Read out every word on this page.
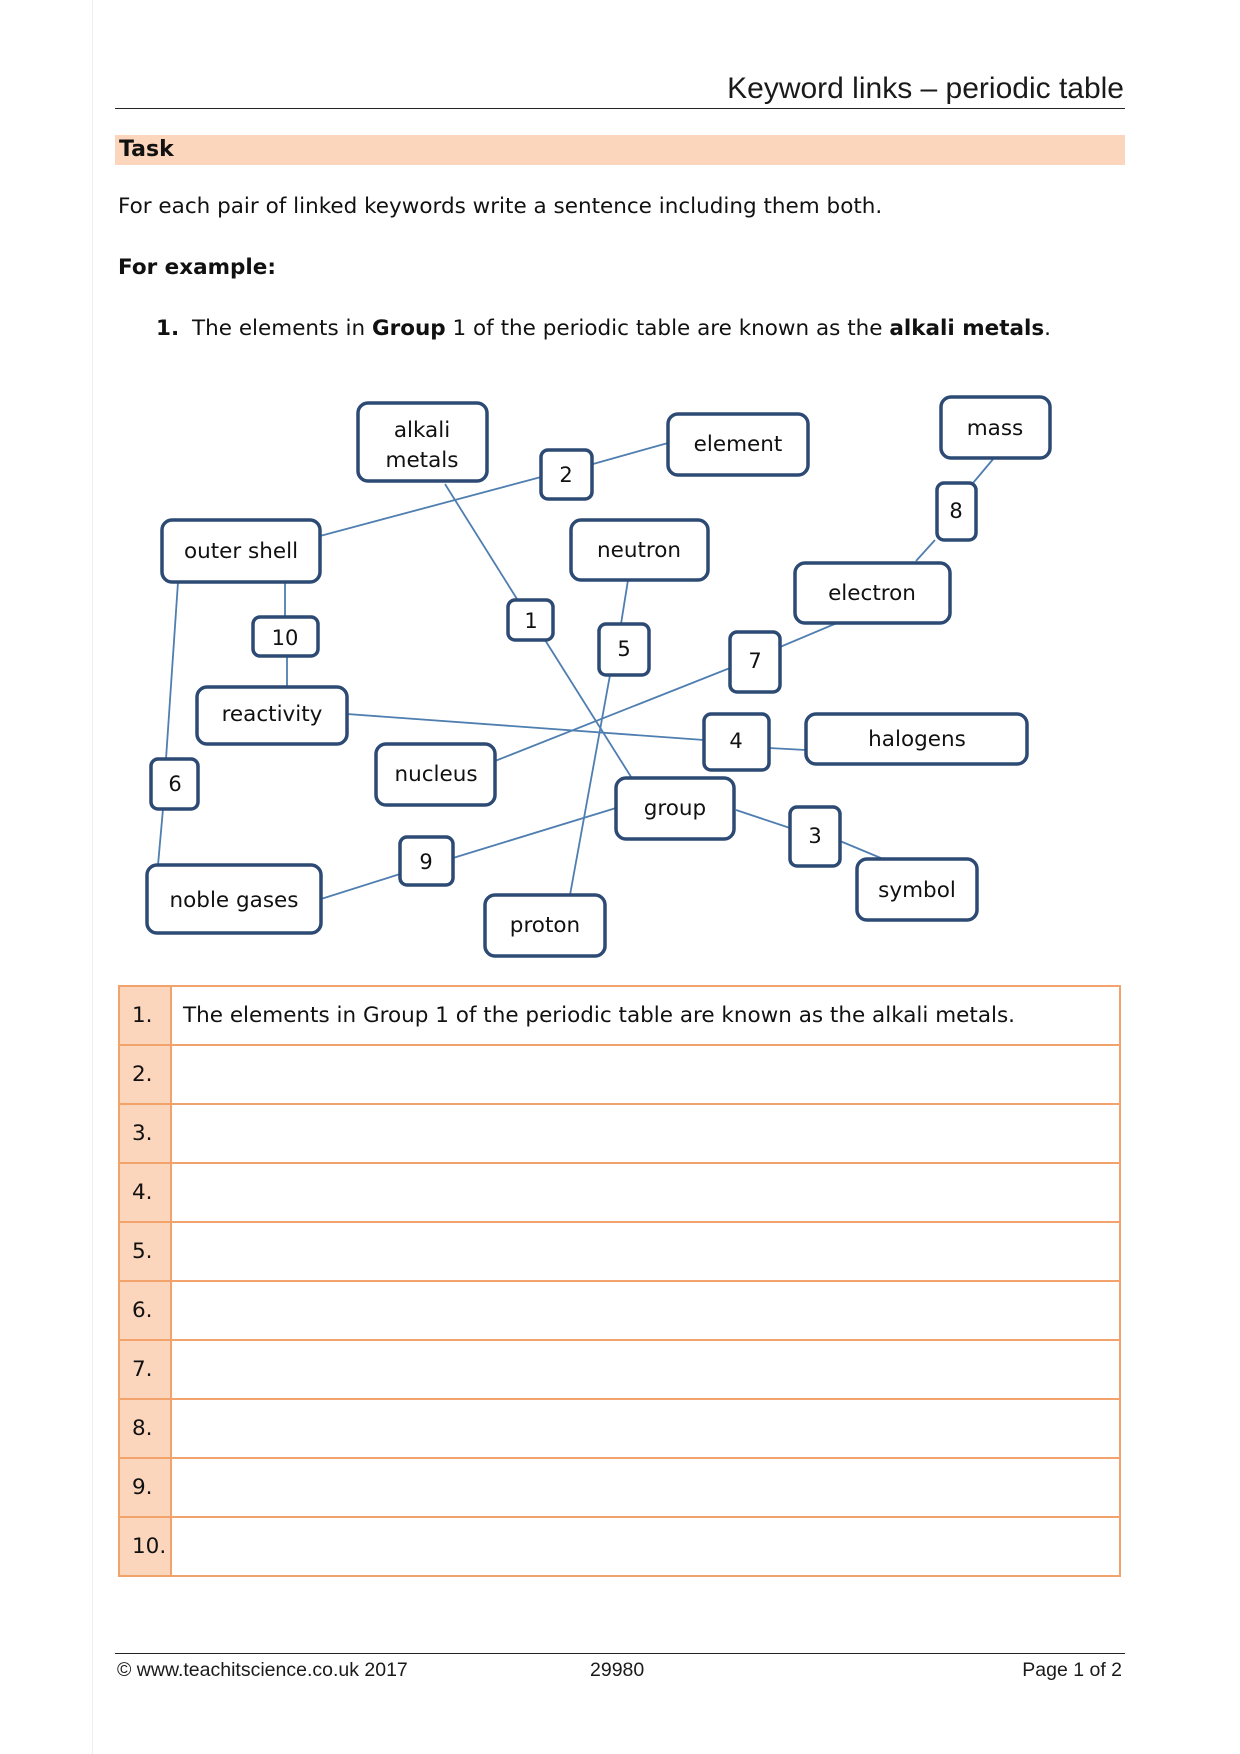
Keyword links – periodic table
Task
For each pair of linked keywords write a sentence including them both.
For example:
1. The elements in Group 1 of the periodic table are known as the alkali metals.
alkali
metals
element
mass
outer shell	neutron
electron
reactivity
nucleus
halogens
group
symbol
noble gases
proton
1
2
3
4
5
6
7
8
9
10
1.	The elements in Group 1 of the periodic table are known as the alkali metals.
2.	
3.	
4.	
5.	
6.	
7.	
8.	
9.	
10.	
© www.teachitscience.co.uk 2017	29980	Page 1 of 2
